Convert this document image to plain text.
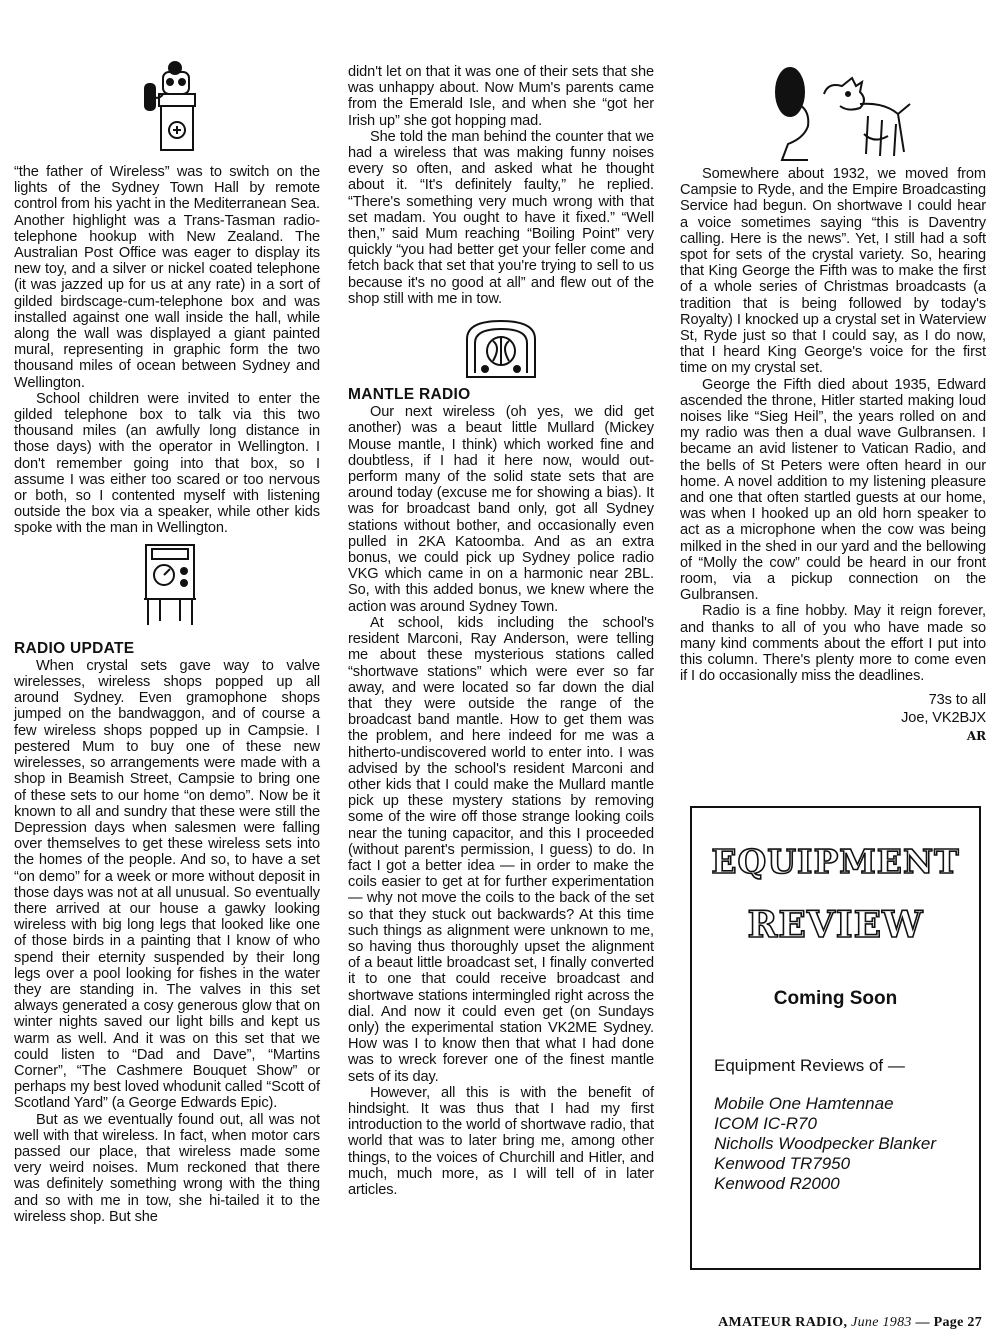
“the father of Wireless” was to switch on the lights of the Sydney Town Hall by remote control from his yacht in the Mediterranean Sea. Another highlight was a Trans-Tasman radio-telephone hookup with New Zealand. The Australian Post Office was eager to display its new toy, and a silver or nickel coated telephone (it was jazzed up for us at any rate) in a sort of gilded birdscage-cum-telephone box and was installed against one wall inside the hall, while along the wall was displayed a giant painted mural, representing in graphic form the two thousand miles of ocean between Sydney and Wellington.

School children were invited to enter the gilded telephone box to talk via this two thousand miles (an awfully long distance in those days) with the operator in Wellington. I don't remember going into that box, so I assume I was either too scared or too nervous or both, so I contented myself with listening outside the box via a speaker, while other kids spoke with the man in Wellington.

RADIO UPDATE

When crystal sets gave way to valve wirelesses, wireless shops popped up all around Sydney. Even gramophone shops jumped on the bandwaggon, and of course a few wireless shops popped up in Campsie. I pestered Mum to buy one of these new wirelesses, so arrangements were made with a shop in Beamish Street, Campsie to bring one of these sets to our home “on demo”. Now be it known to all and sundry that these were still the Depression days when salesmen were falling over themselves to get these wireless sets into the homes of the people. And so, to have a set “on demo” for a week or more without deposit in those days was not at all unusual. So eventually there arrived at our house a gawky looking wireless with big long legs that looked like one of those birds in a painting that I know of who spend their eternity suspended by their long legs over a pool looking for fishes in the water they are standing in. The valves in this set always generated a cosy generous glow that on winter nights saved our light bills and kept us warm as well. And it was on this set that we could listen to “Dad and Dave”, “Martins Corner”, “The Cashmere Bouquet Show” or perhaps my best loved whodunit called “Scott of Scotland Yard” (a George Edwards Epic).

But as we eventually found out, all was not well with that wireless. In fact, when motor cars passed our place, that wireless made some very weird noises. Mum reckoned that there was definitely something wrong with the thing and so with me in tow, she hi-tailed it to the wireless shop. But she

didn't let on that it was one of their sets that she was unhappy about. Now Mum's parents came from the Emerald Isle, and when she “got her Irish up” she got hopping mad.

She told the man behind the counter that we had a wireless that was making funny noises every so often, and asked what he thought about it. “It's definitely faulty,” he replied. “There's something very much wrong with that set madam. You ought to have it fixed.” “Well then,” said Mum reaching “Boiling Point” very quickly “you had better get your feller come and fetch back that set that you're trying to sell to us because it's no good at all” and flew out of the shop still with me in tow.

MANTLE RADIO

Our next wireless (oh yes, we did get another) was a beaut little Mullard (Mickey Mouse mantle, I think) which worked fine and doubtless, if I had it here now, would out-perform many of the solid state sets that are around today (excuse me for showing a bias). It was for broadcast band only, got all Sydney stations without bother, and occasionally even pulled in 2KA Katoomba. And as an extra bonus, we could pick up Sydney police radio VKG which came in on a harmonic near 2BL. So, with this added bonus, we knew where the action was around Sydney Town.

At school, kids including the school's resident Marconi, Ray Anderson, were telling me about these mysterious stations called “shortwave stations” which were ever so far away, and were located so far down the dial that they were outside the range of the broadcast band mantle. How to get them was the problem, and here indeed for me was a hitherto-undiscovered world to enter into. I was advised by the school's resident Marconi and other kids that I could make the Mullard mantle pick up these mystery stations by removing some of the wire off those strange looking coils near the tuning capacitor, and this I proceeded (without parent's permission, I guess) to do. In fact I got a better idea — in order to make the coils easier to get at for further experimentation — why not move the coils to the back of the set so that they stuck out backwards? At this time such things as alignment were unknown to me, so having thus thoroughly upset the alignment of a beaut little broadcast set, I finally converted it to one that could receive broadcast and shortwave stations intermingled right across the dial. And now it could even get (on Sundays only) the experimental station VK2ME Sydney. How was I to know then that what I had done was to wreck forever one of the finest mantle sets of its day.

However, all this is with the benefit of hindsight. It was thus that I had my first introduction to the world of shortwave radio, that world that was to later bring me, among other things, to the voices of Churchill and Hitler, and much, much more, as I will tell of in later articles.

Somewhere about 1932, we moved from Campsie to Ryde, and the Empire Broadcasting Service had begun. On shortwave I could hear a voice sometimes saying “this is Daventry calling. Here is the news”. Yet, I still had a soft spot for sets of the crystal variety. So, hearing that King George the Fifth was to make the first of a whole series of Christmas broadcasts (a tradition that is being followed by today's Royalty) I knocked up a crystal set in Waterview St, Ryde just so that I could say, as I do now, that I heard King George's voice for the first time on my crystal set.

George the Fifth died about 1935, Edward ascended the throne, Hitler started making loud noises like “Sieg Heil”, the years rolled on and my radio was then a dual wave Gulbransen. I became an avid listener to Vatican Radio, and the bells of St Peters were often heard in our home. A novel addition to my listening pleasure and one that often startled guests at our home, was when I hooked up an old horn speaker to act as a microphone when the cow was being milked in the shed in our yard and the bellowing of “Molly the cow” could be heard in our front room, via a pickup connection on the Gulbransen.

Radio is a fine hobby. May it reign forever, and thanks to all of you who have made so many kind comments about the effort I put into this column. There's plenty more to come even if I do occasionally miss the deadlines.

73s to all

Joe, VK2BJX

AR

EQUIPMENT
REVIEW
Coming Soon
Equipment Reviews of —
Mobile One Hamtennae
ICOM IC-R70
Nicholls Woodpecker Blanker
Kenwood TR7950
Kenwood R2000
AMATEUR RADIO, June 1983 — Page 27
